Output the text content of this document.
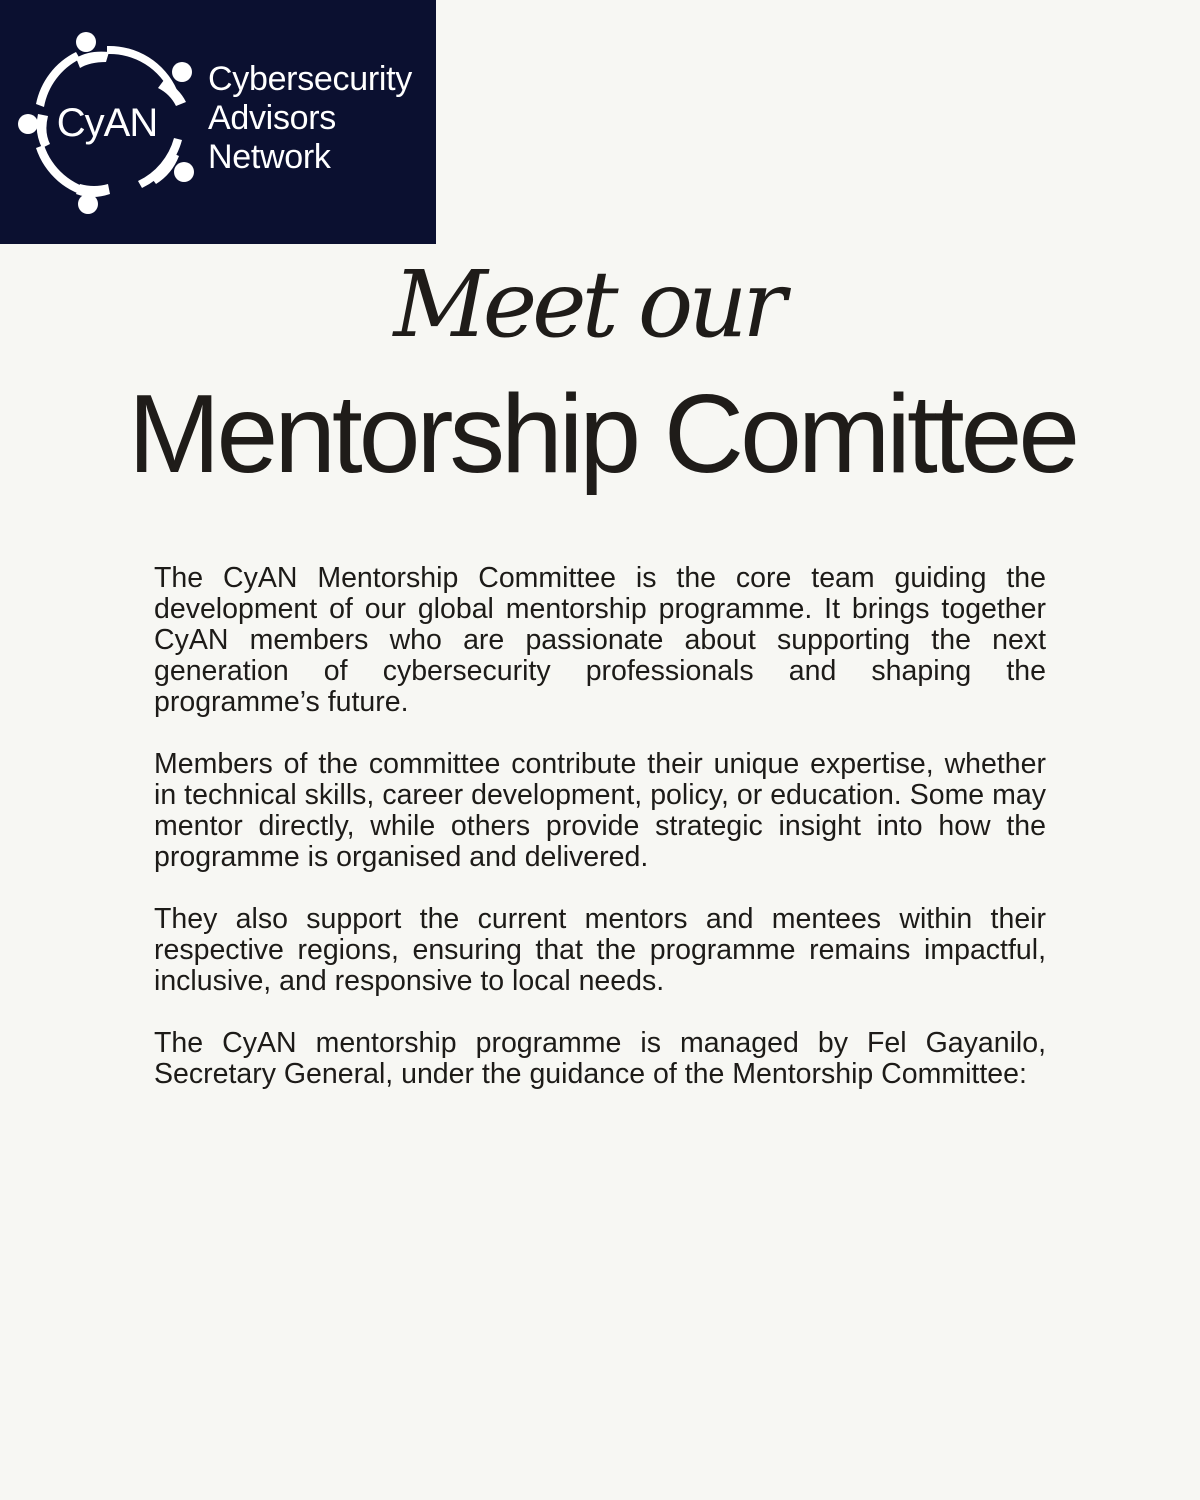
CyAN
Cybersecurity
Advisors
Network
Meet our
Mentorship Comittee

The CyAN Mentorship Committee is the core team guiding the development of our global mentorship programme. It brings together CyAN members who are passionate about supporting the next generation of cybersecurity professionals and shaping the programme’s future.

Members of the committee contribute their unique expertise, whether in technical skills, career development, policy, or education. Some may mentor directly, while others provide strategic insight into how the programme is organised and delivered.

They also support the current mentors and mentees within their respective regions, ensuring that the programme remains impactful, inclusive, and responsive to local needs.

The CyAN mentorship programme is managed by Fel Gayanilo, Secretary General, under the guidance of the Mentorship Committee:
